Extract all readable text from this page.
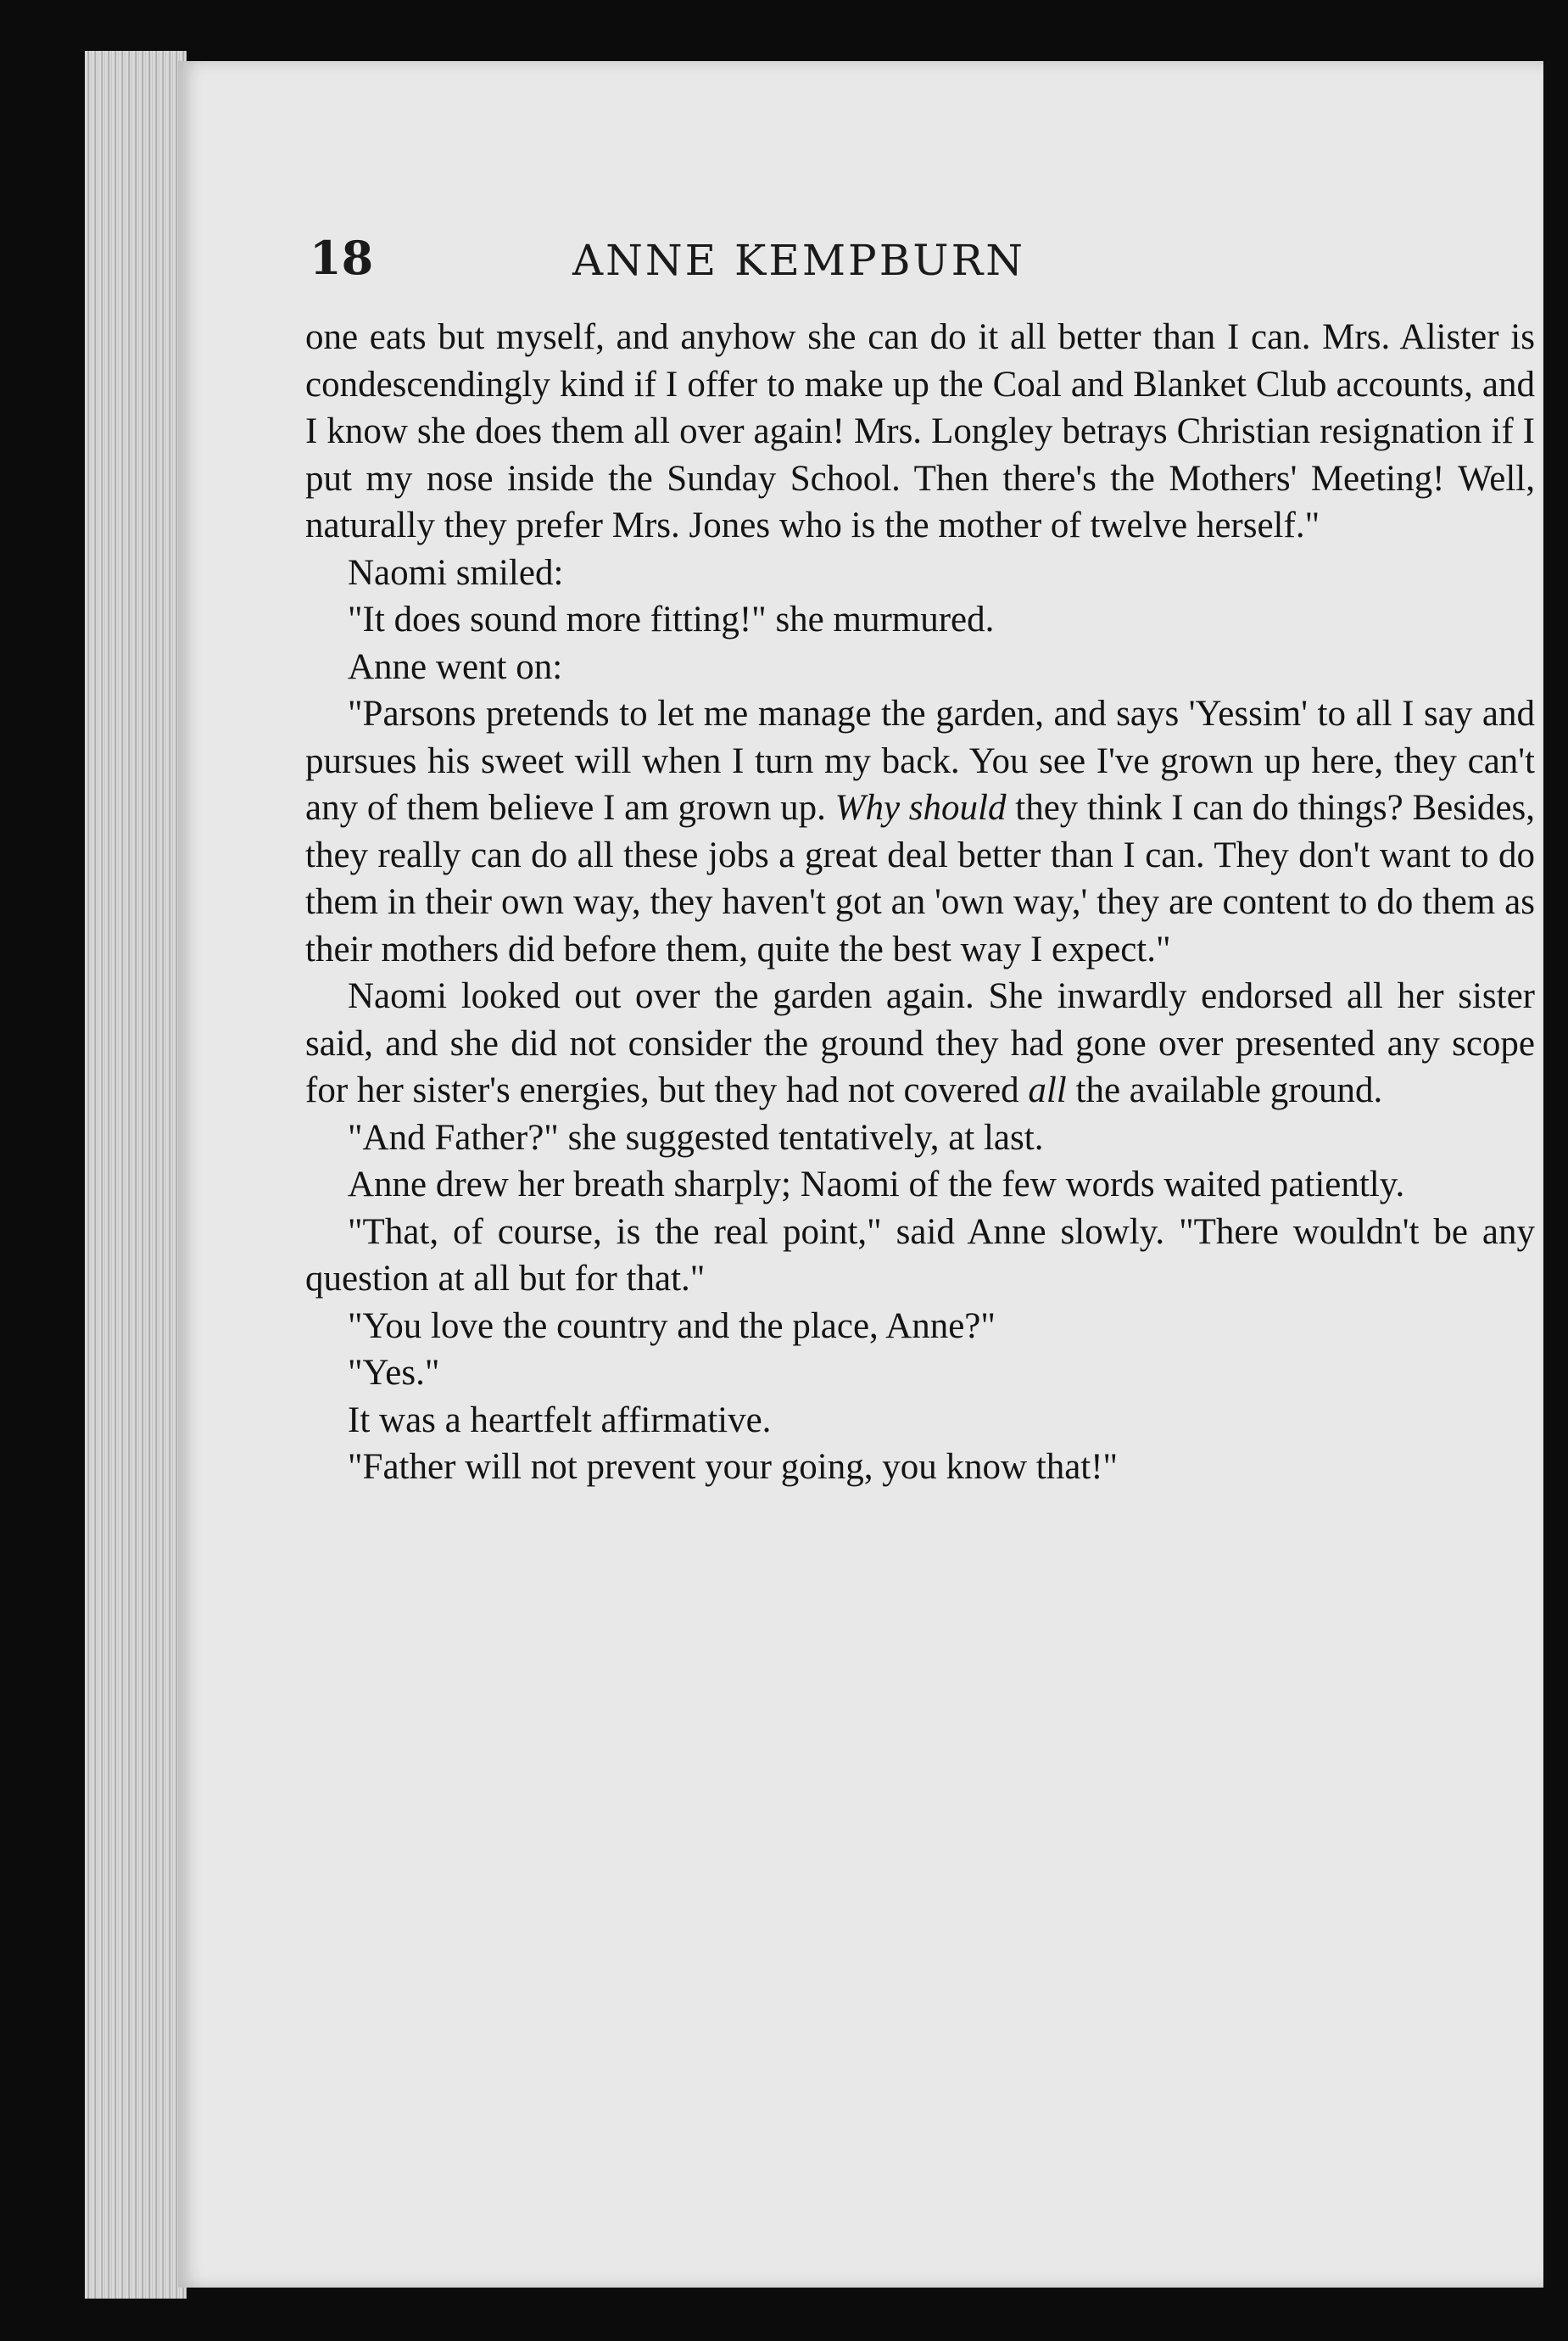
18	ANNE KEMPBURN

one eats but myself, and anyhow she can do it all better than I can. Mrs. Alister is condescendingly kind if I offer to make up the Coal and Blanket Club accounts, and I know she does them all over again! Mrs. Longley betrays Christian resignation if I put my nose inside the Sunday School. Then there's the Mothers' Meeting! Well, naturally they prefer Mrs. Jones who is the mother of twelve herself."

Naomi smiled:

"It does sound more fitting!" she murmured.

Anne went on:

"Parsons pretends to let me manage the garden, and says 'Yessim' to all I say and pursues his sweet will when I turn my back. You see I've grown up here, they can't any of them believe I am grown up. Why should they think I can do things? Besides, they really can do all these jobs a great deal better than I can. They don't want to do them in their own way, they haven't got an 'own way,' they are content to do them as their mothers did before them, quite the best way I expect."

Naomi looked out over the garden again. She inwardly endorsed all her sister said, and she did not consider the ground they had gone over presented any scope for her sister's energies, but they had not covered all the available ground.

"And Father?" she suggested tentatively, at last.

Anne drew her breath sharply; Naomi of the few words waited patiently.

"That, of course, is the real point," said Anne slowly. "There wouldn't be any question at all but for that."

"You love the country and the place, Anne?"

"Yes."

It was a heartfelt affirmative.

"Father will not prevent your going, you know that!"
